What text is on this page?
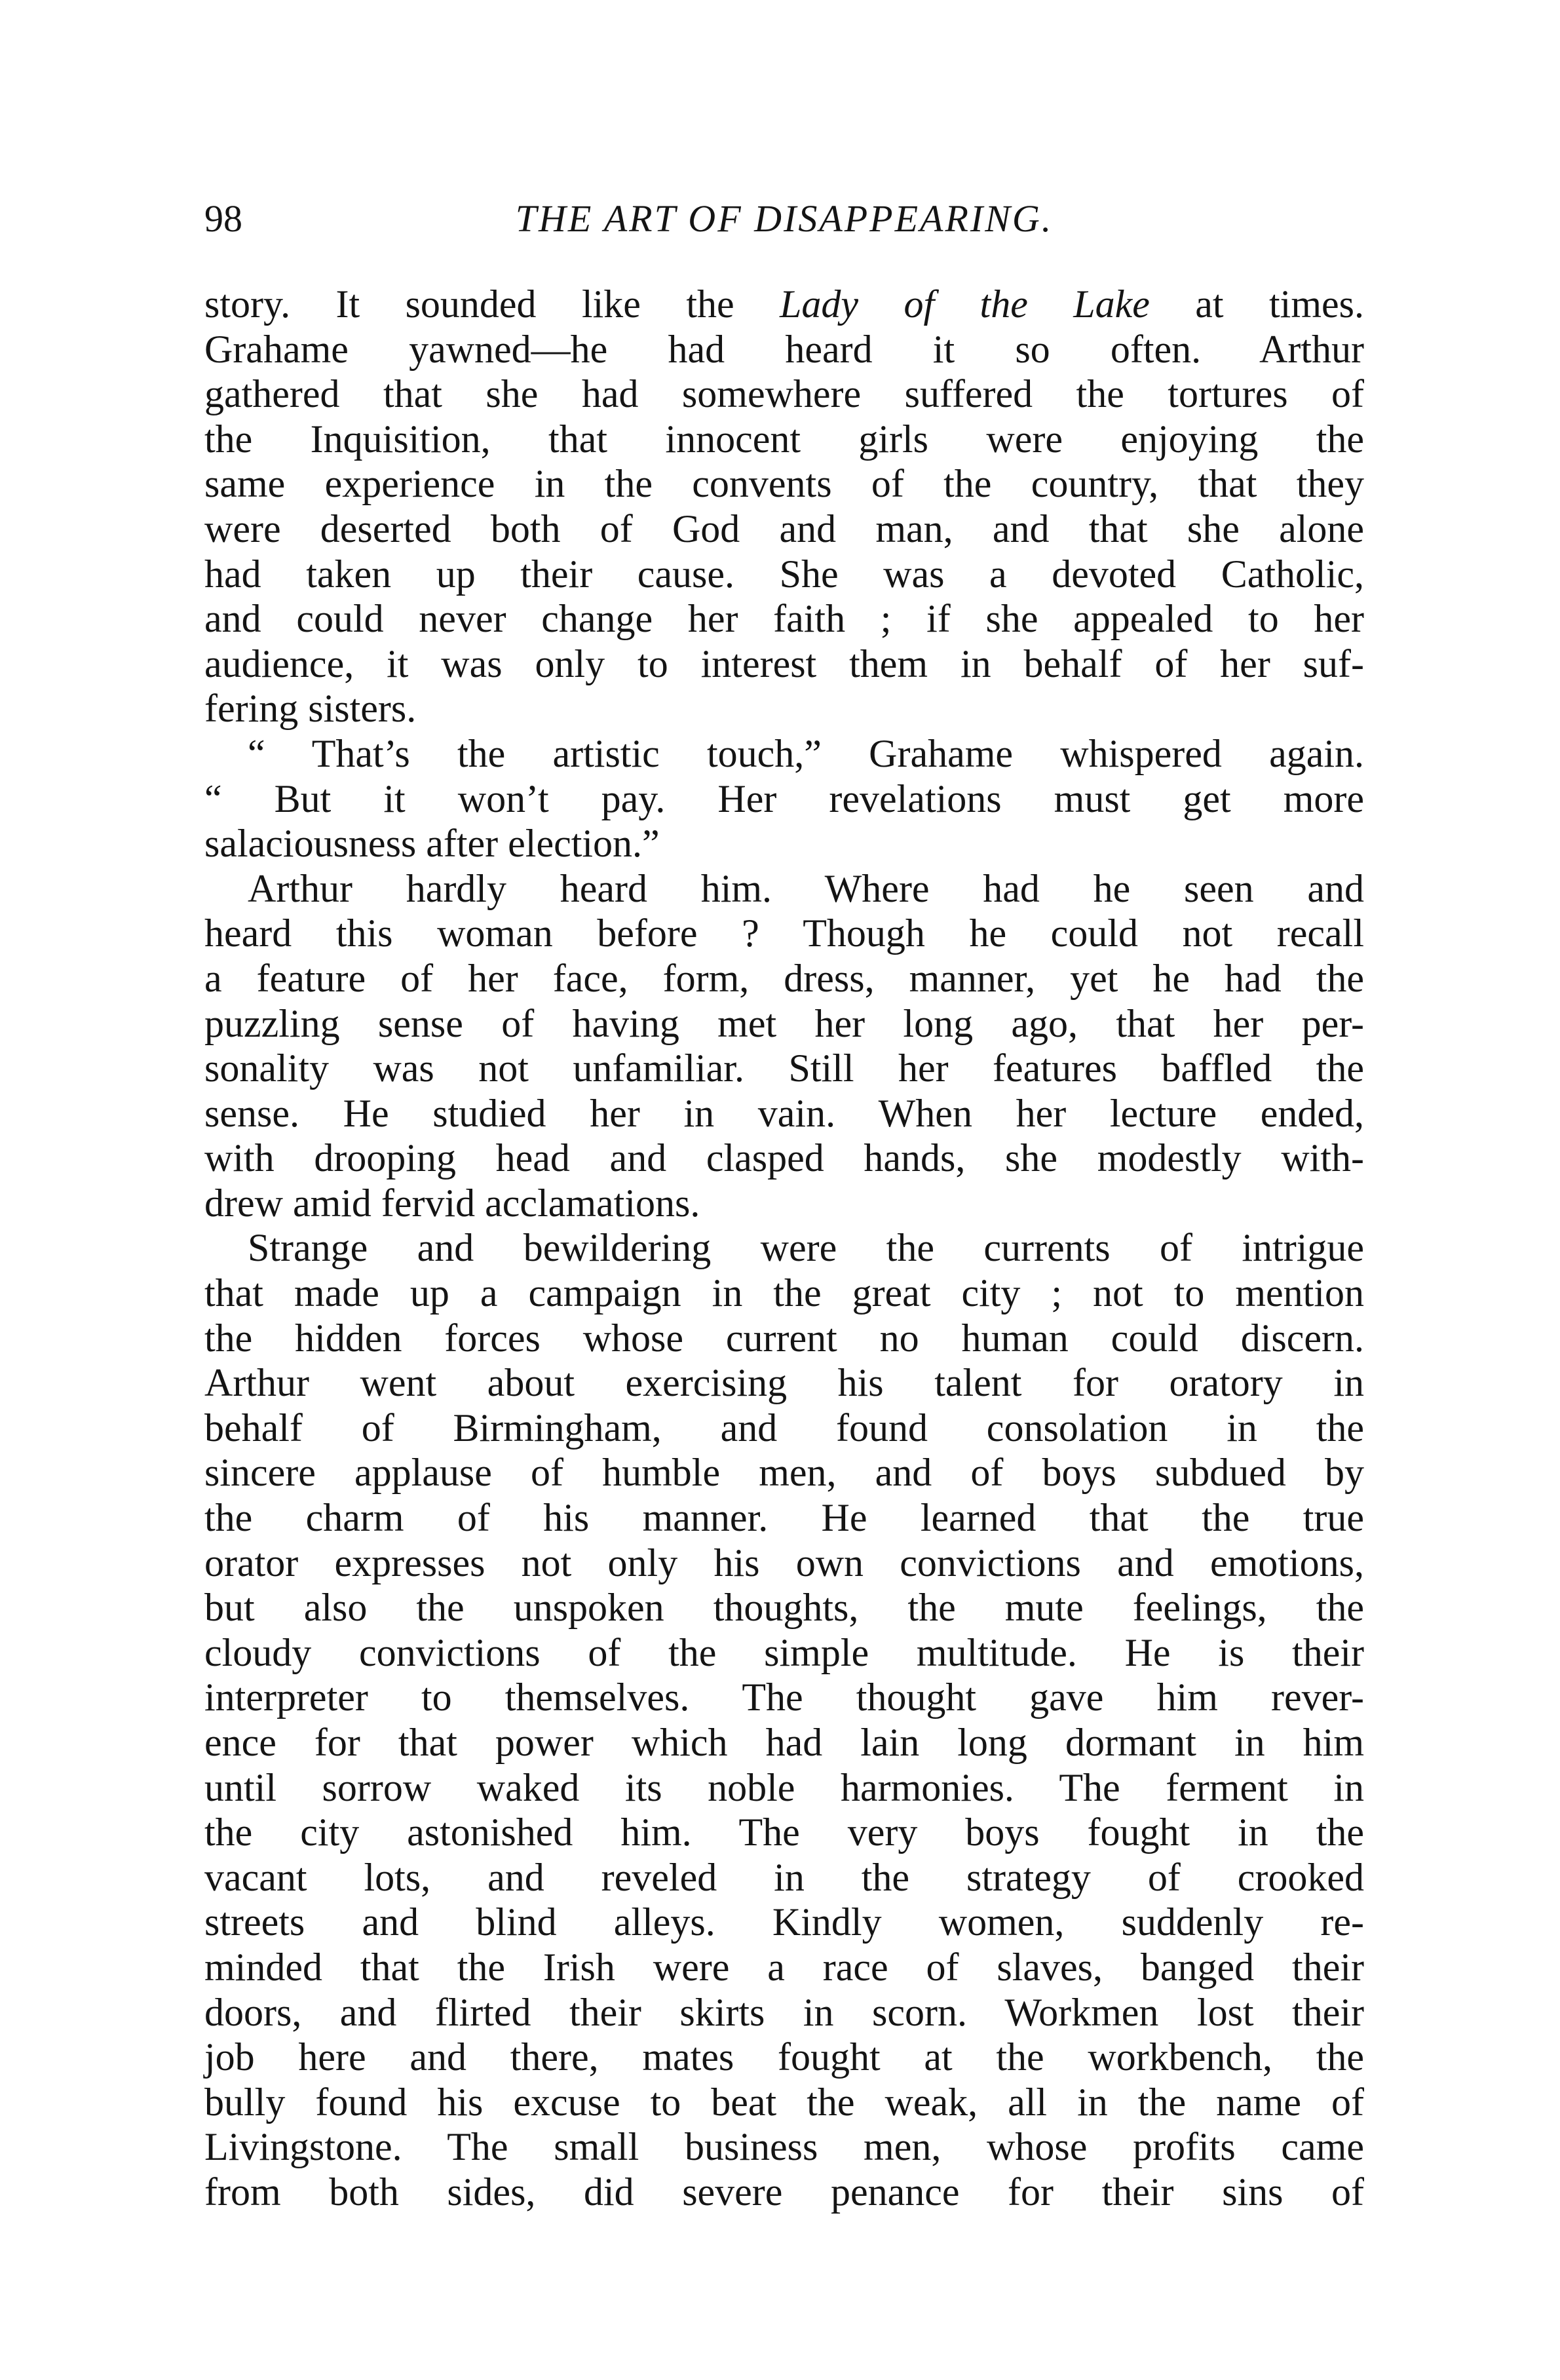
98	THE ART OF DISAPPEARING.
story. It sounded like the Lady of the Lake at times.
Grahame yawned—he had heard it so often. Arthur
gathered that she had somewhere suffered the tortures of
the Inquisition, that innocent girls were enjoying the
same experience in the convents of the country, that they
were deserted both of God and man, and that she alone
had taken up their cause. She was a devoted Catholic,
and could never change her faith ; if she appealed to her
audience, it was only to interest them in behalf of her suf-
fering sisters.
“ That’s the artistic touch,” Grahame whispered again.
“ But it won’t pay. Her revelations must get more
salaciousness after election.”
Arthur hardly heard him. Where had he seen and
heard this woman before ? Though he could not recall
a feature of her face, form, dress, manner, yet he had the
puzzling sense of having met her long ago, that her per-
sonality was not unfamiliar. Still her features baffled the
sense. He studied her in vain. When her lecture ended,
with drooping head and clasped hands, she modestly with-
drew amid fervid acclamations.
Strange and bewildering were the currents of intrigue
that made up a campaign in the great city ; not to mention
the hidden forces whose current no human could discern.
Arthur went about exercising his talent for oratory in
behalf of Birmingham, and found consolation in the
sincere applause of humble men, and of boys subdued by
the charm of his manner. He learned that the true
orator expresses not only his own convictions and emotions,
but also the unspoken thoughts, the mute feelings, the
cloudy convictions of the simple multitude. He is their
interpreter to themselves. The thought gave him rever-
ence for that power which had lain long dormant in him
until sorrow waked its noble harmonies. The ferment in
the city astonished him. The very boys fought in the
vacant lots, and reveled in the strategy of crooked
streets and blind alleys. Kindly women, suddenly re-
minded that the Irish were a race of slaves, banged their
doors, and flirted their skirts in scorn. Workmen lost their
job here and there, mates fought at the workbench, the
bully found his excuse to beat the weak, all in the name of
Livingstone. The small business men, whose profits came
from both sides, did severe penance for their sins of
